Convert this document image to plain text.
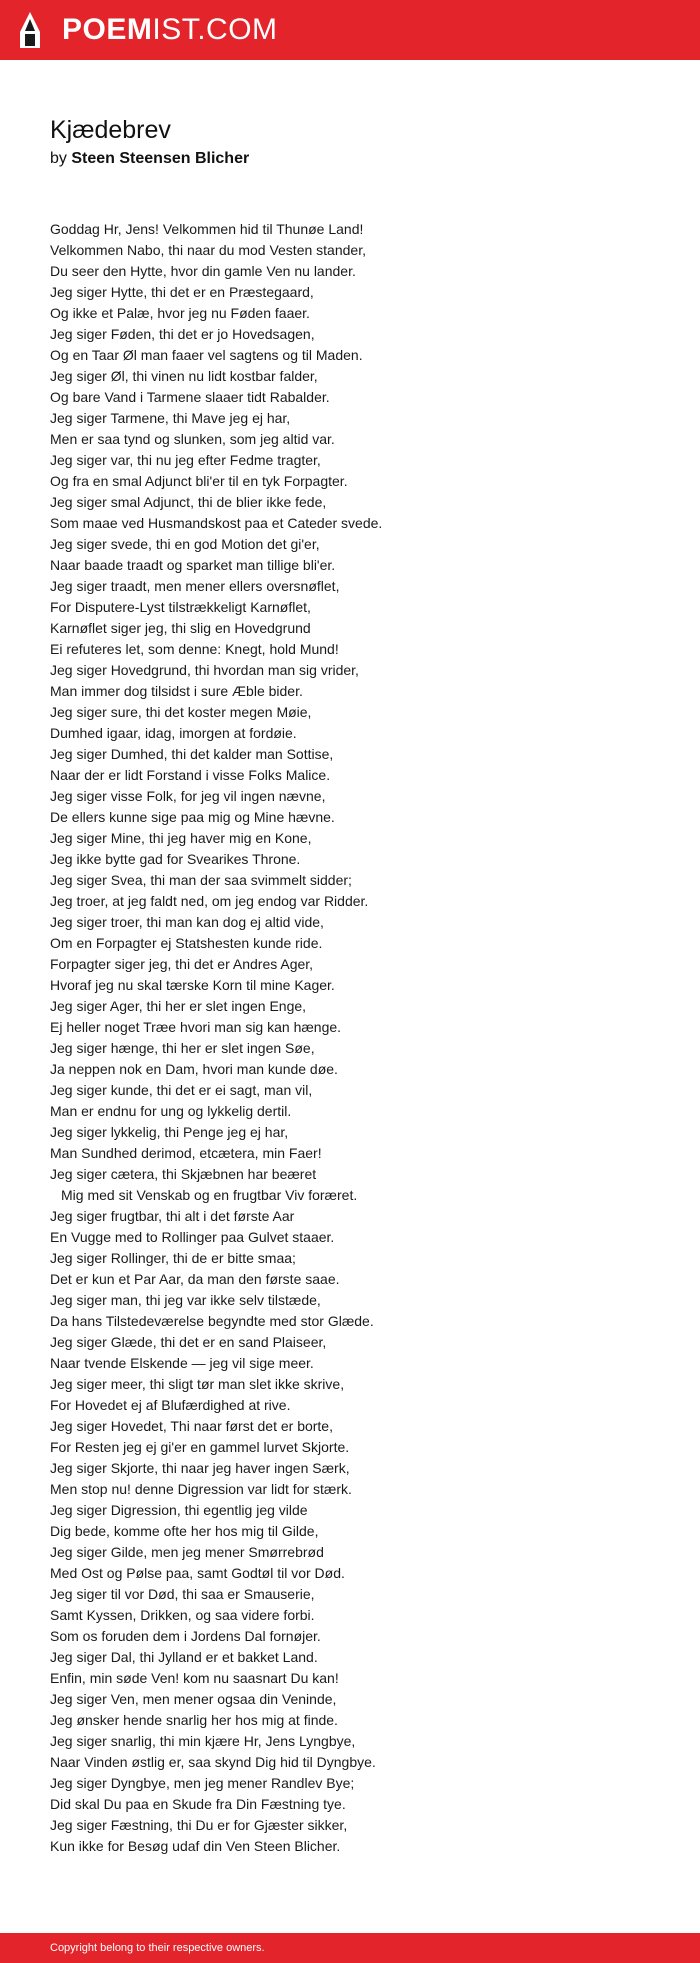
POEMIST.COM
Kjædebrev
by Steen Steensen Blicher
Goddag Hr, Jens! Velkommen hid til Thunøe Land!
Velkommen Nabo, thi naar du mod Vesten stander,
Du seer den Hytte, hvor din gamle Ven nu lander.
Jeg siger Hytte, thi det er en Præstegaard,
Og ikke et Palæ, hvor jeg nu Føden faaer.
Jeg siger Føden, thi det er jo Hovedsagen,
Og en Taar Øl man faaer vel sagtens og til Maden.
Jeg siger Øl, thi vinen nu lidt kostbar falder,
Og bare Vand i Tarmene slaaer tidt Rabalder.
Jeg siger Tarmene, thi Mave jeg ej har,
Men er saa tynd og slunken, som jeg altid var.
Jeg siger var, thi nu jeg efter Fedme tragter,
Og fra en smal Adjunct bli'er til en tyk Forpagter.
Jeg siger smal Adjunct, thi de blier ikke fede,
Som maae ved Husmandskost paa et Cateder svede.
Jeg siger svede, thi en god Motion det gi'er,
Naar baade traadt og sparket man tillige bli'er.
Jeg siger traadt, men mener ellers oversnøflet,
For Disputere-Lyst tilstrækkeligt Karnøflet,
Karnøflet siger jeg, thi slig en Hovedgrund
Ei refuteres let, som denne: Knegt, hold Mund!
Jeg siger Hovedgrund, thi hvordan man sig vrider,
Man immer dog tilsidst i sure Æble bider.
Jeg siger sure, thi det koster megen Møie,
Dumhed igaar, idag, imorgen at fordøie.
Jeg siger Dumhed, thi det kalder man Sottise,
Naar der er lidt Forstand i visse Folks Malice.
Jeg siger visse Folk, for jeg vil ingen nævne,
De ellers kunne sige paa mig og Mine hævne.
Jeg siger Mine, thi jeg haver mig en Kone,
Jeg ikke bytte gad for Svearikes Throne.
Jeg siger Svea, thi man der saa svimmelt sidder;
Jeg troer, at jeg faldt ned, om jeg endog var Ridder.
Jeg siger troer, thi man kan dog ej altid vide,
Om en Forpagter ej Statshesten kunde ride.
Forpagter siger jeg, thi det er Andres Ager,
Hvoraf jeg nu skal tærske Korn til mine Kager.
Jeg siger Ager, thi her er slet ingen Enge,
Ej heller noget Træe hvori man sig kan hænge.
Jeg siger hænge, thi her er slet ingen Søe,
Ja neppen nok en Dam, hvori man kunde døe.
Jeg siger kunde, thi det er ei sagt, man vil,
Man er endnu for ung og lykkelig dertil.
Jeg siger lykkelig, thi Penge jeg ej har,
Man Sundhed derimod, etcætera, min Faer!
Jeg siger cætera, thi Skjæbnen har beæret
Mig med sit Venskab og en frugtbar Viv foræret.
Jeg siger frugtbar, thi alt i det første Aar
En Vugge med to Rollinger paa Gulvet staaer.
Jeg siger Rollinger, thi de er bitte smaa;
Det er kun et Par Aar, da man den første saae.
Jeg siger man, thi jeg var ikke selv tilstæde,
Da hans Tilstedeværelse begyndte med stor Glæde.
Jeg siger Glæde, thi det er en sand Plaiseer,
Naar tvende Elskende — jeg vil sige meer.
Jeg siger meer, thi sligt tør man slet ikke skrive,
For Hovedet ej af Blufærdighed at rive.
Jeg siger Hovedet, Thi naar først det er borte,
For Resten jeg ej gi'er en gammel lurvet Skjorte.
Jeg siger Skjorte, thi naar jeg haver ingen Særk,
Men stop nu! denne Digression var lidt for stærk.
Jeg siger Digression, thi egentlig jeg vilde
Dig bede, komme ofte her hos mig til Gilde,
Jeg siger Gilde, men jeg mener Smørrebrød
Med Ost og Pølse paa, samt Godtøl til vor Død.
Jeg siger til vor Død, thi saa er Smauserie,
Samt Kyssen, Drikken, og saa videre forbi.
Som os foruden dem i Jordens Dal fornøjer.
Jeg siger Dal, thi Jylland er et bakket Land.
Enfin, min søde Ven! kom nu saasnart Du kan!
Jeg siger Ven, men mener ogsaa din Veninde,
Jeg ønsker hende snarlig her hos mig at finde.
Jeg siger snarlig, thi min kjære Hr, Jens Lyngbye,
Naar Vinden østlig er, saa skynd Dig hid til Dyngbye.
Jeg siger Dyngbye, men jeg mener Randlev Bye;
Did skal Du paa en Skude fra Din Fæstning tye.
Jeg siger Fæstning, thi Du er for Gjæster sikker,
Kun ikke for Besøg udaf din Ven Steen Blicher.
Copyright belong to their respective owners.
